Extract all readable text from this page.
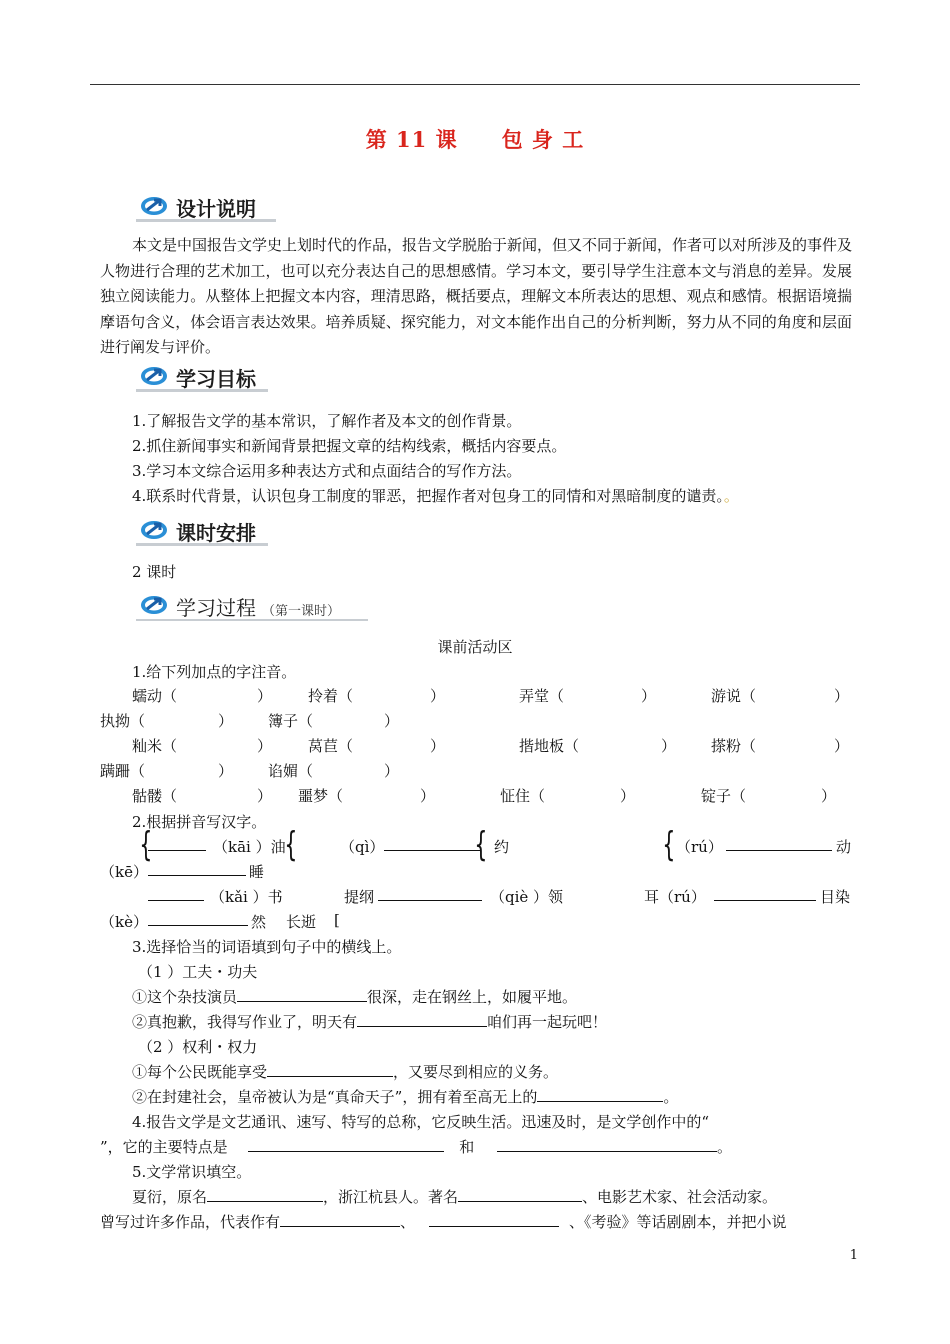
第 11 课 包 身 工
设计说明
本文是中国报告文学史上划时代的作品，报告文学脱胎于新闻，但又不同于新闻，作者可以对所涉及的事件及人物进行合理的艺术加工，也可以充分表达自己的思想感情。学习本文，要引导学生注意本文与消息的差异。发展独立阅读能力。从整体上把握文本内容，理清思路，概括要点，理解文本所表达的思想、观点和感情。根据语境揣摩语句含义，体会语言表达效果。培养质疑、探究能力，对文本能作出自己的分析判断，努力从不同的角度和层面进行阐发与评价。
学习目标
1.了解报告文学的基本常识，了解作者及本文的创作背景。
2.抓住新闻事实和新闻背景把握文章的结构线索，概括内容要点。
3.学习本文综合运用多种表达方式和点面结合的写作方法。
4.联系时代背景，认识包身工制度的罪恶，把握作者对包身工的同情和对黑暗制度的谴责。。
课时安排
2 课时
学习过程 （第一课时）
课前活动区
1.给下列加点的字注音。
蠕动（	） 拎着（	）	弄堂（	）	游说（	）
执拗（	） 簿子（	）
籼米（	） 莴苣（	）	揩地板（	） 搽粉（	）
蹒跚（	） 谄媚（	）
骷髅（	） 噩梦（	）	怔住（	）	锭子（	）
2.根据拼音写汉字。
{	（kāi ）油
{
（kē）	睡
（qì）	{ 约	{ （rú）	动
（kǎi ）书	提纲	（qiè ）领	耳（rú）	目染
（kè）	然 长逝 [
3.选择恰当的词语填到句子中的横线上。
（1 ）工夫・功夫
①这个杂技演员	很深，走在钢丝上，如履平地。
②真抱歉，我得写作业了，明天有	咱们再一起玩吧！
（2 ）权利・权力
①每个公民既能享受	，又要尽到相应的义务。
②在封建社会，皇帝被认为是“真命天子”，拥有着至高无上的	。
4.报告文学是文艺通讯、速写、特写的总称，它反映生活。迅速及时，是文学创作中的“
”，它的主要特点是	和	。
5.文学常识填空。
夏衍，原名	，浙江杭县人。著名	、电影艺术家、社会活动家。
曾写过许多作品，代表作有	、	、《考验》等话剧剧本，并把小说
1
